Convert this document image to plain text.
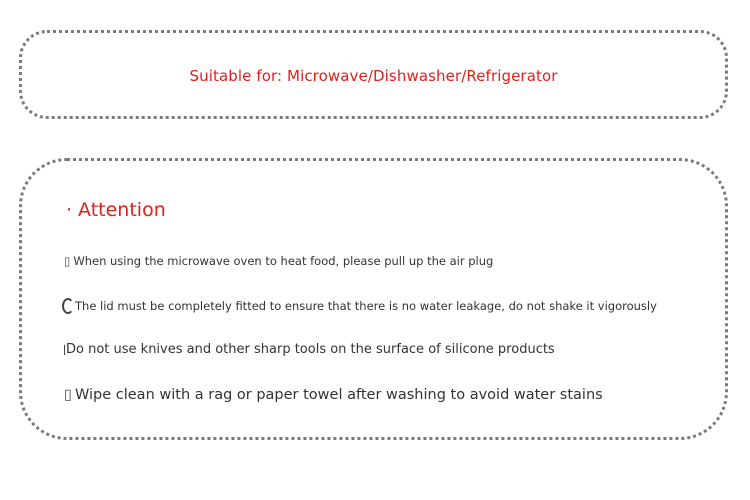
Suitable for: Microwave/Dishwasher/Refrigerator
· Attention
▯ When using the microwave oven to heat food, please pull up the air plug
The lid must be completely fitted to ensure that there is no water leakage, do not shake it vigorously
Do not use knives and other sharp tools on the surface of silicone products
▯ Wipe clean with a rag or paper towel after washing to avoid water stains
